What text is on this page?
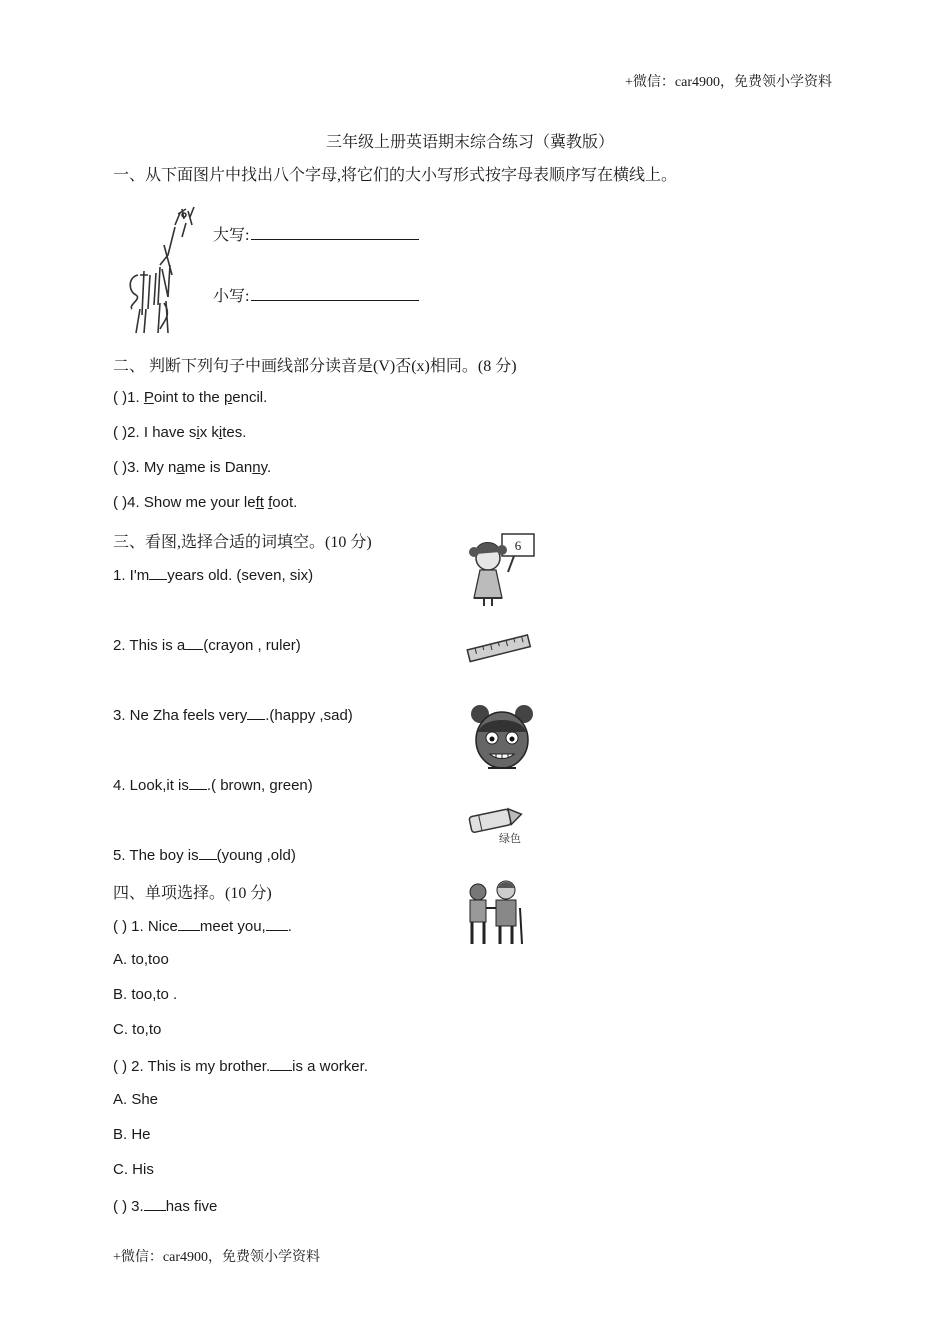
+微信：car4900，免费领小学资料
三年级上册英语期末综合练习（冀教版）
一、从下面图片中找出八个字母,将它们的大小写形式按字母表顺序写在横线上。
大写:
小写:
二、 判断下列句子中画线部分读音是(V)否(x)相同。(8 分)
( )1. Point to the pencil.
( )2. I have six kites.
( )3. My name is Danny.
( )4. Show me your left foot.
三、看图,选择合适的词填空。(10 分)
1. I'm years old. (seven, six)
2. This is a (crayon , ruler)
3. Ne Zha feels very .(happy ,sad)
4. Look,it is .( brown, green)
5. The boy is (young ,old)
6
绿色
四、单项选择。(10 分)
( ) 1. Nice meet you, .
A. to,too
B. too,to .
C. to,to
( ) 2. This is my brother. is a worker.
A. She
B. He
C. His
( ) 3. has five
+微信：car4900，免费领小学资料
